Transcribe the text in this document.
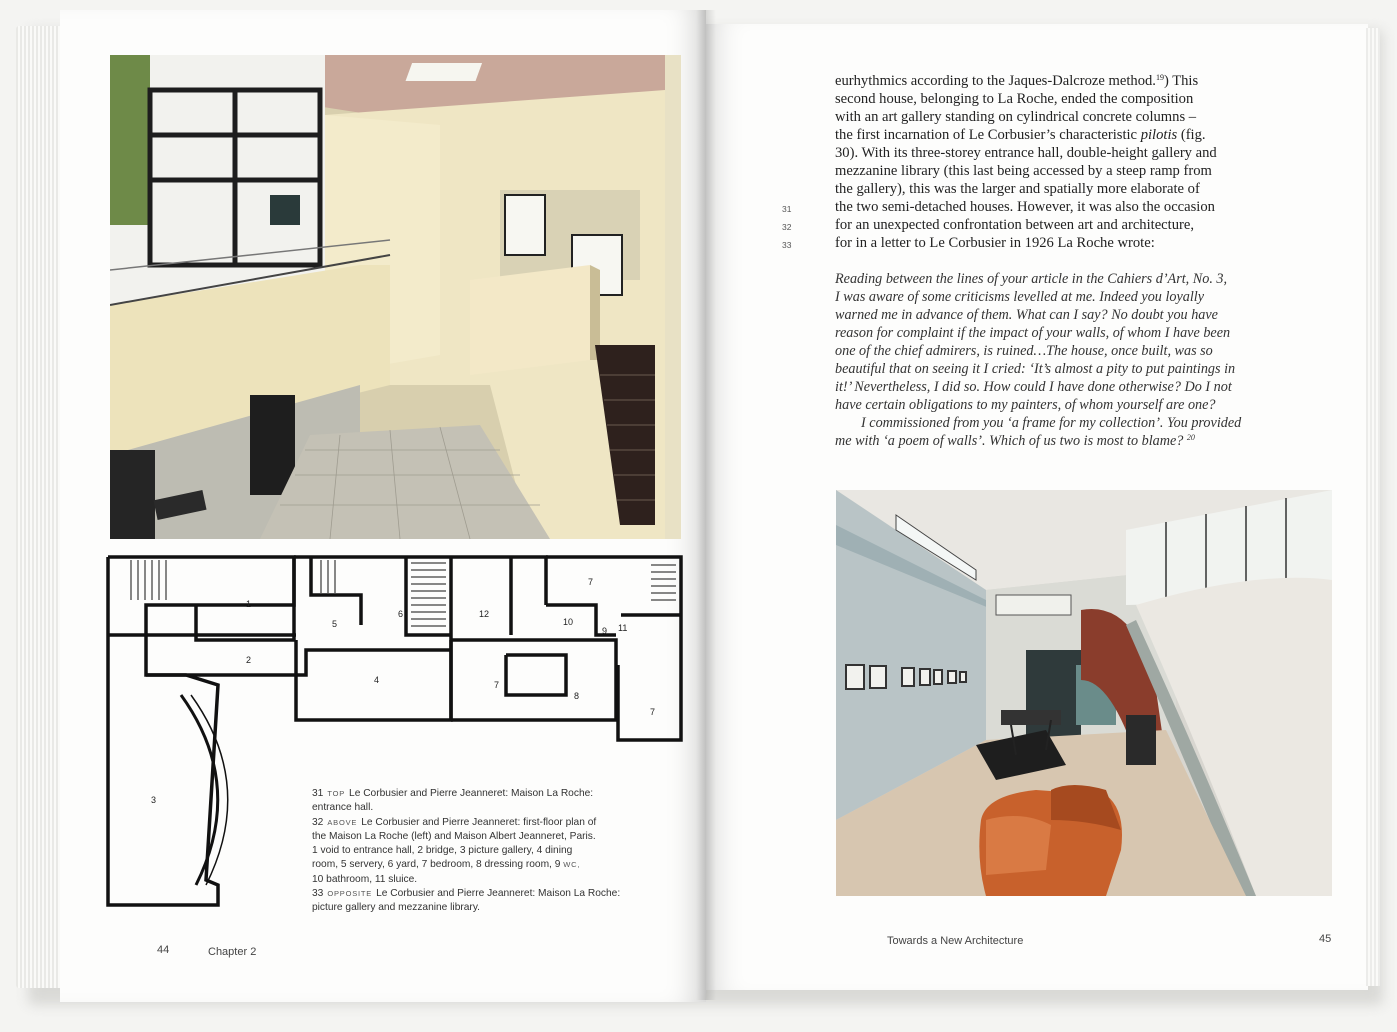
1
2
3
4
5
6
7
7
7
8
9
10
11
12

31 TOP Le Corbusier and Pierre Jeanneret: Maison La Roche:
entrance hall.

32 ABOVE Le Corbusier and Pierre Jeanneret: first-floor plan of
the Maison La Roche (left) and Maison Albert Jeanneret, Paris.
1 void to entrance hall, 2 bridge, 3 picture gallery, 4 dining
room, 5 servery, 6 yard, 7 bedroom, 8 dressing room, 9 WC,
10 bathroom, 11 sluice.

33 OPPOSITE Le Corbusier and Pierre Jeanneret: Maison La Roche:
picture gallery and mezzanine library.

44	Chapter 2
eurhythmics according to the Jaques-Dalcroze method.$^{19}$) This
second house, belonging to La Roche, ended the composition
with an art gallery standing on cylindrical concrete columns –
the first incarnation of Le Corbusier’s characteristic pilotis (fig.
30). With its three-storey entrance hall, double-height gallery and
mezzanine library (this last being accessed by a steep ramp from
the gallery), this was the larger and spatially more elaborate of
the two semi-detached houses. However, it was also the occasion
for an unexpected confrontation between art and architecture,
for in a letter to Le Corbusier in 1926 La Roche wrote:
31
32
33
Reading between the lines of your article in the Cahiers d’Art, No. 3,
I was aware of some criticisms levelled at me. Indeed you loyally
warned me in advance of them. What can I say? No doubt you have
reason for complaint if the impact of your walls, of whom I have been
one of the chief admirers, is ruined…The house, once built, was so
beautiful that on seeing it I cried: ‘It’s almost a pity to put paintings in
it!’ Nevertheless, I did so. How could I have done otherwise? Do I not
have certain obligations to my painters, of whom yourself are one?
I commissioned from you ‘a frame for my collection’. You provided
me with ‘a poem of walls’. Which of us two is most to blame? $^{20}$
Towards a New Architecture	45
